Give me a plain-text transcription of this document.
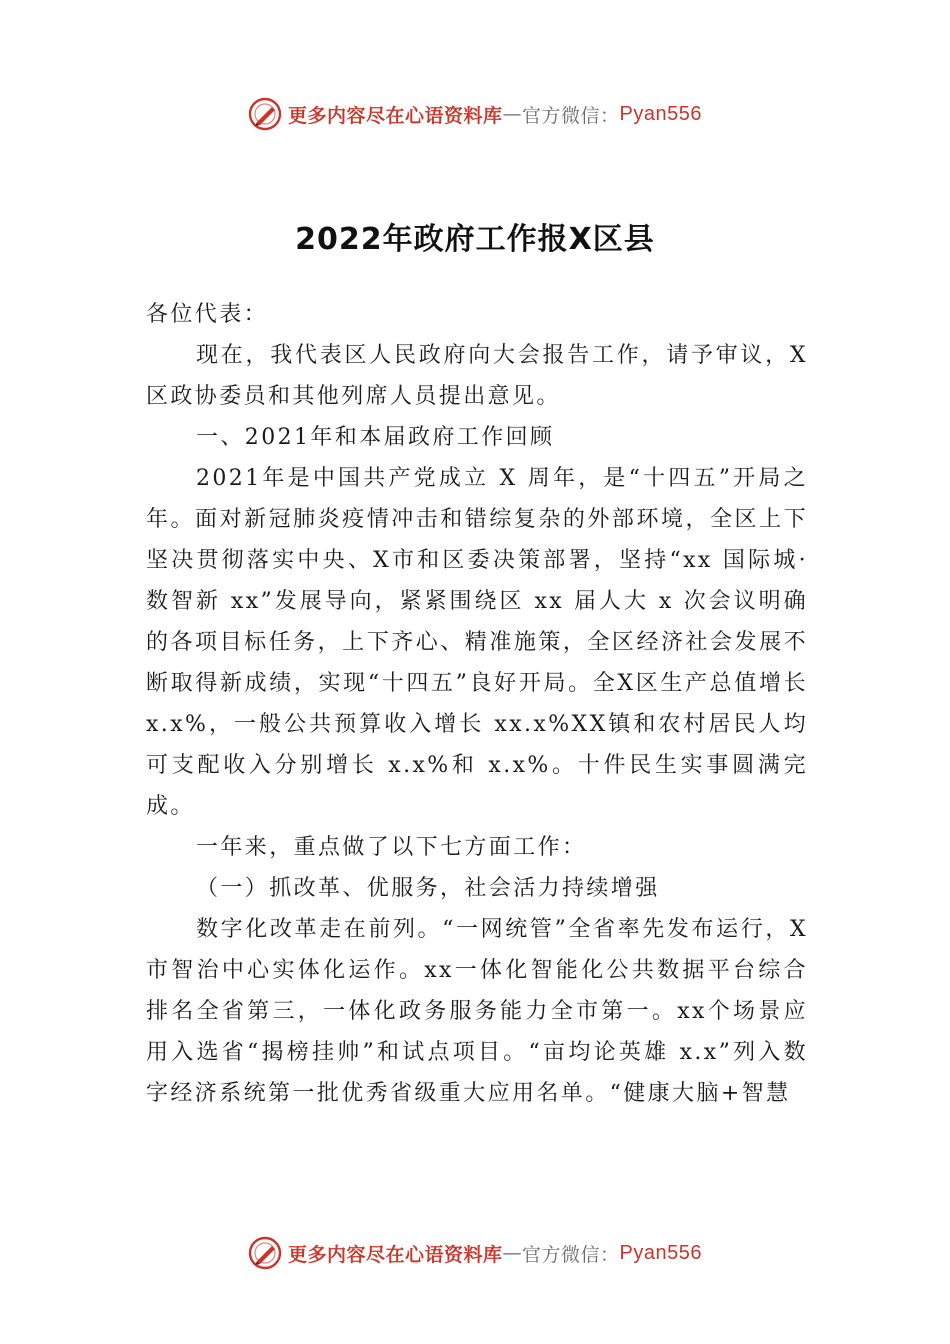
更多内容尽在心语资料库 — 官方微信： Pyan556
2022年政府工作报X区县

各位代表：

现在，我代表区人民政府向大会报告工作，请予审议，X区政协委员和其他列席人员提出意见。

一、2021年和本届政府工作回顾

2021年是中国共产党成立 X 周年，是“十四五”开局之年。面对新冠肺炎疫情冲击和错综复杂的外部环境，全区上下坚决贯彻落实中央、X市和区委决策部署，坚持“xx 国际城·数智新 xx”发展导向，紧紧围绕区 xx 届人大 x 次会议明确的各项目标任务，上下齐心、精准施策，全区经济社会发展不断取得新成绩，实现“十四五”良好开局。全X区生产总值增长 x.x%，一般公共预算收入增长 xx.x%XX镇和农村居民人均可支配收入分别增长 x.x%和 x.x%。十件民生实事圆满完成。

一年来，重点做了以下七方面工作：

（一）抓改革、优服务，社会活力持续增强

数字化改革走在前列。“一网统管”全省率先发布运行，X市智治中心实体化运作。xx一体化智能化公共数据平台综合排名全省第三，一体化政务服务能力全市第一。xx个场景应用入选省“揭榜挂帅”和试点项目。“亩均论英雄 x.x”列入数字经济系统第一批优秀省级重大应用名单。“健康大脑+智慧

更多内容尽在心语资料库 — 官方微信： Pyan556
